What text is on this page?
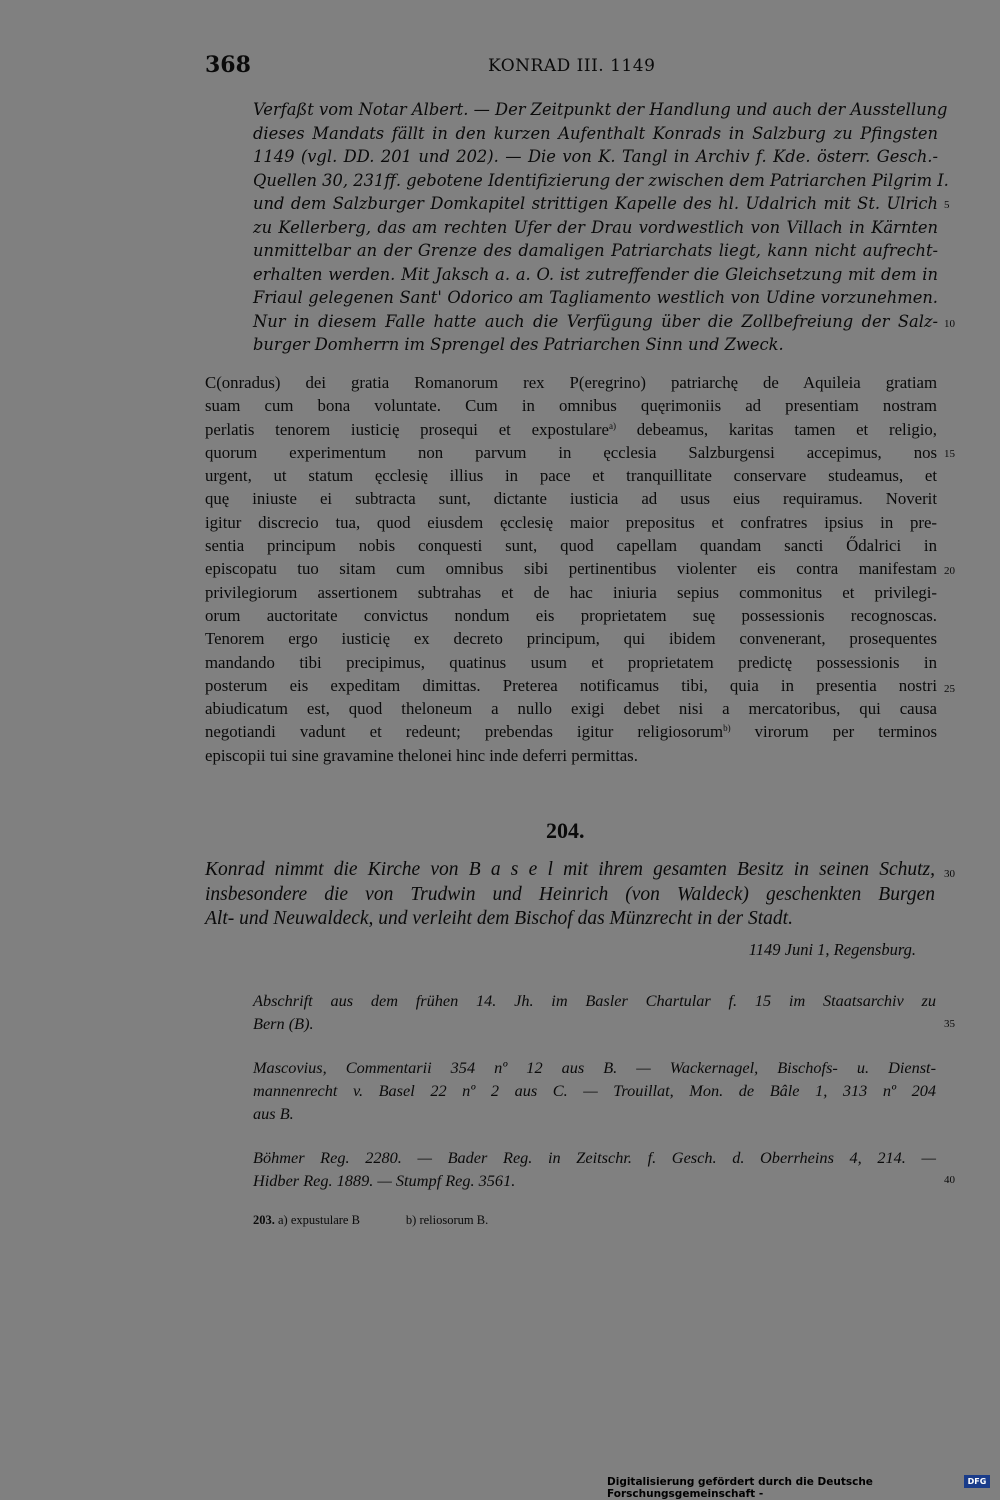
368	KONRAD III. 1149
Verfaßt vom Notar Albert. — Der Zeitpunkt der Handlung und auch der Ausstellung
dieses Mandats fällt in den kurzen Aufenthalt Konrads in Salzburg zu Pfingsten
1149 (vgl. DD. 201 und 202). — Die von K. Tangl in Archiv f. Kde. österr. Gesch.-
Quellen 30, 231ff. gebotene Identifizierung der zwischen dem Patriarchen Pilgrim I.
und dem Salzburger Domkapitel strittigen Kapelle des hl. Udalrich mit St. Ulrich
zu Kellerberg, das am rechten Ufer der Drau vordwestlich von Villach in Kärnten
unmittelbar an der Grenze des damaligen Patriarchats liegt, kann nicht aufrecht-
erhalten werden. Mit Jaksch a. a. O. ist zutreffender die Gleichsetzung mit dem in
Friaul gelegenen Sant' Odorico am Tagliamento westlich von Udine vorzunehmen.
Nur in diesem Falle hatte auch die Verfügung über die Zollbefreiung der Salz-
burger Domherrn im Sprengel des Patriarchen Sinn und Zweck.
C(onradus) dei gratia Romanorum rex P(eregrino) patriarchę de Aquileia gratiam
suam cum bona voluntate. Cum in omnibus quęrimoniis ad presentiam nostram
perlatis tenorem iusticię prosequi et expostulare$^{a)}$ debeamus, karitas tamen et religio,
quorum experimentum non parvum in ęcclesia Salzburgensi accepimus, nos
urgent, ut statum ęcclesię illius in pace et tranquillitate conservare studeamus, et
quę iniuste ei subtracta sunt, dictante iusticia ad usus eius requiramus. Noverit
igitur discrecio tua, quod eiusdem ęcclesię maior prepositus et confratres ipsius in pre-
sentia principum nobis conquesti sunt, quod capellam quandam sancti Ődalrici in
episcopatu tuo sitam cum omnibus sibi pertinentibus violenter eis contra manifestam
privilegiorum assertionem subtrahas et de hac iniuria sepius commonitus et privilegi-
orum auctoritate convictus nondum eis proprietatem suę possessionis recognoscas.
Tenorem ergo iusticię ex decreto principum, qui ibidem convenerant, prosequentes
mandando tibi precipimus, quatinus usum et proprietatem predictę possessionis in
posterum eis expeditam dimittas. Preterea notificamus tibi, quia in presentia nostri
abiudicatum est, quod theloneum a nullo exigi debet nisi a mercatoribus, qui causa
negotiandi vadunt et redeunt; prebendas igitur religiosorum$^{b)}$ virorum per terminos
episcopii tui sine gravamine thelonei hinc inde deferri permittas.
5
10
15
20
25
30
35
40
204.
Konrad nimmt die Kirche von B a s e l mit ihrem gesamten Besitz in seinen Schutz,
insbesondere die von Trudwin und Heinrich (von Waldeck) geschenkten Burgen
Alt- und Neuwaldeck, und verleiht dem Bischof das Münzrecht in der Stadt.
1149 Juni 1, Regensburg.
Abschrift aus dem frühen 14. Jh. im Basler Chartular f. 15 im Staatsarchiv zu
Bern (B).
Mascovius, Commentarii 354 nº 12 aus B. — Wackernagel, Bischofs- u. Dienst-
mannenrecht v. Basel 22 nº 2 aus C. — Trouillat, Mon. de Bâle 1, 313 nº 204
aus B.
Böhmer Reg. 2280. — Bader Reg. in Zeitschr. f. Gesch. d. Oberrheins 4, 214. —
Hidber Reg. 1889. — Stumpf Reg. 3561.
203. a) expustulare B	b) reliosorum B.
Digitalisierung gefördert durch die Deutsche Forschungsgemeinschaft -
DFG
